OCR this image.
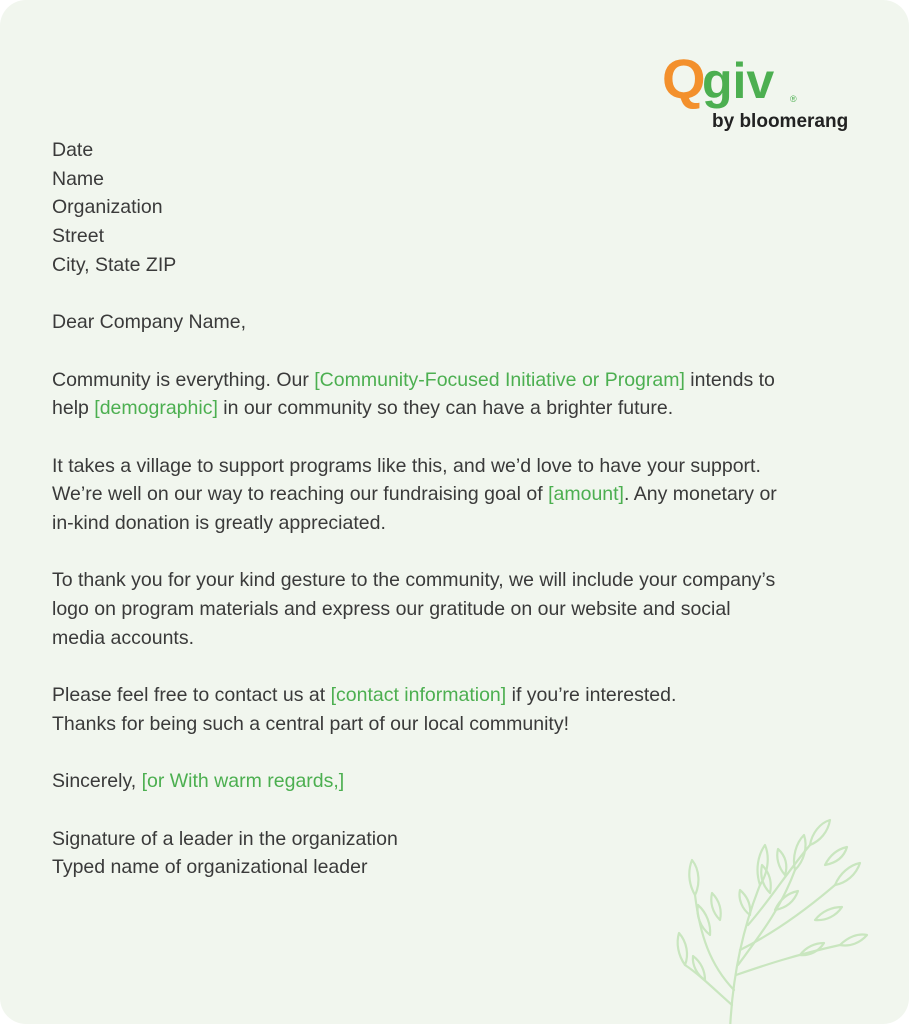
Q
giv ®
by bloomerang

Date

Name

Organization

Street

City, State ZIP

Dear Company Name,

Community is everything. Our [Community-Focused Initiative or Program] intends to

help [demographic] in our community so they can have a brighter future.

It takes a village to support programs like this, and we’d love to have your support.

We’re well on our way to reaching our fundraising goal of [amount]. Any monetary or

in-kind donation is greatly appreciated.

To thank you for your kind gesture to the community, we will include your company’s

logo on program materials and express our gratitude on our website and social

media accounts.

Please feel free to contact us at [contact information] if you’re interested.

Thanks for being such a central part of our local community!

Sincerely, [or With warm regards,]

Signature of a leader in the organization

Typed name of organizational leader
